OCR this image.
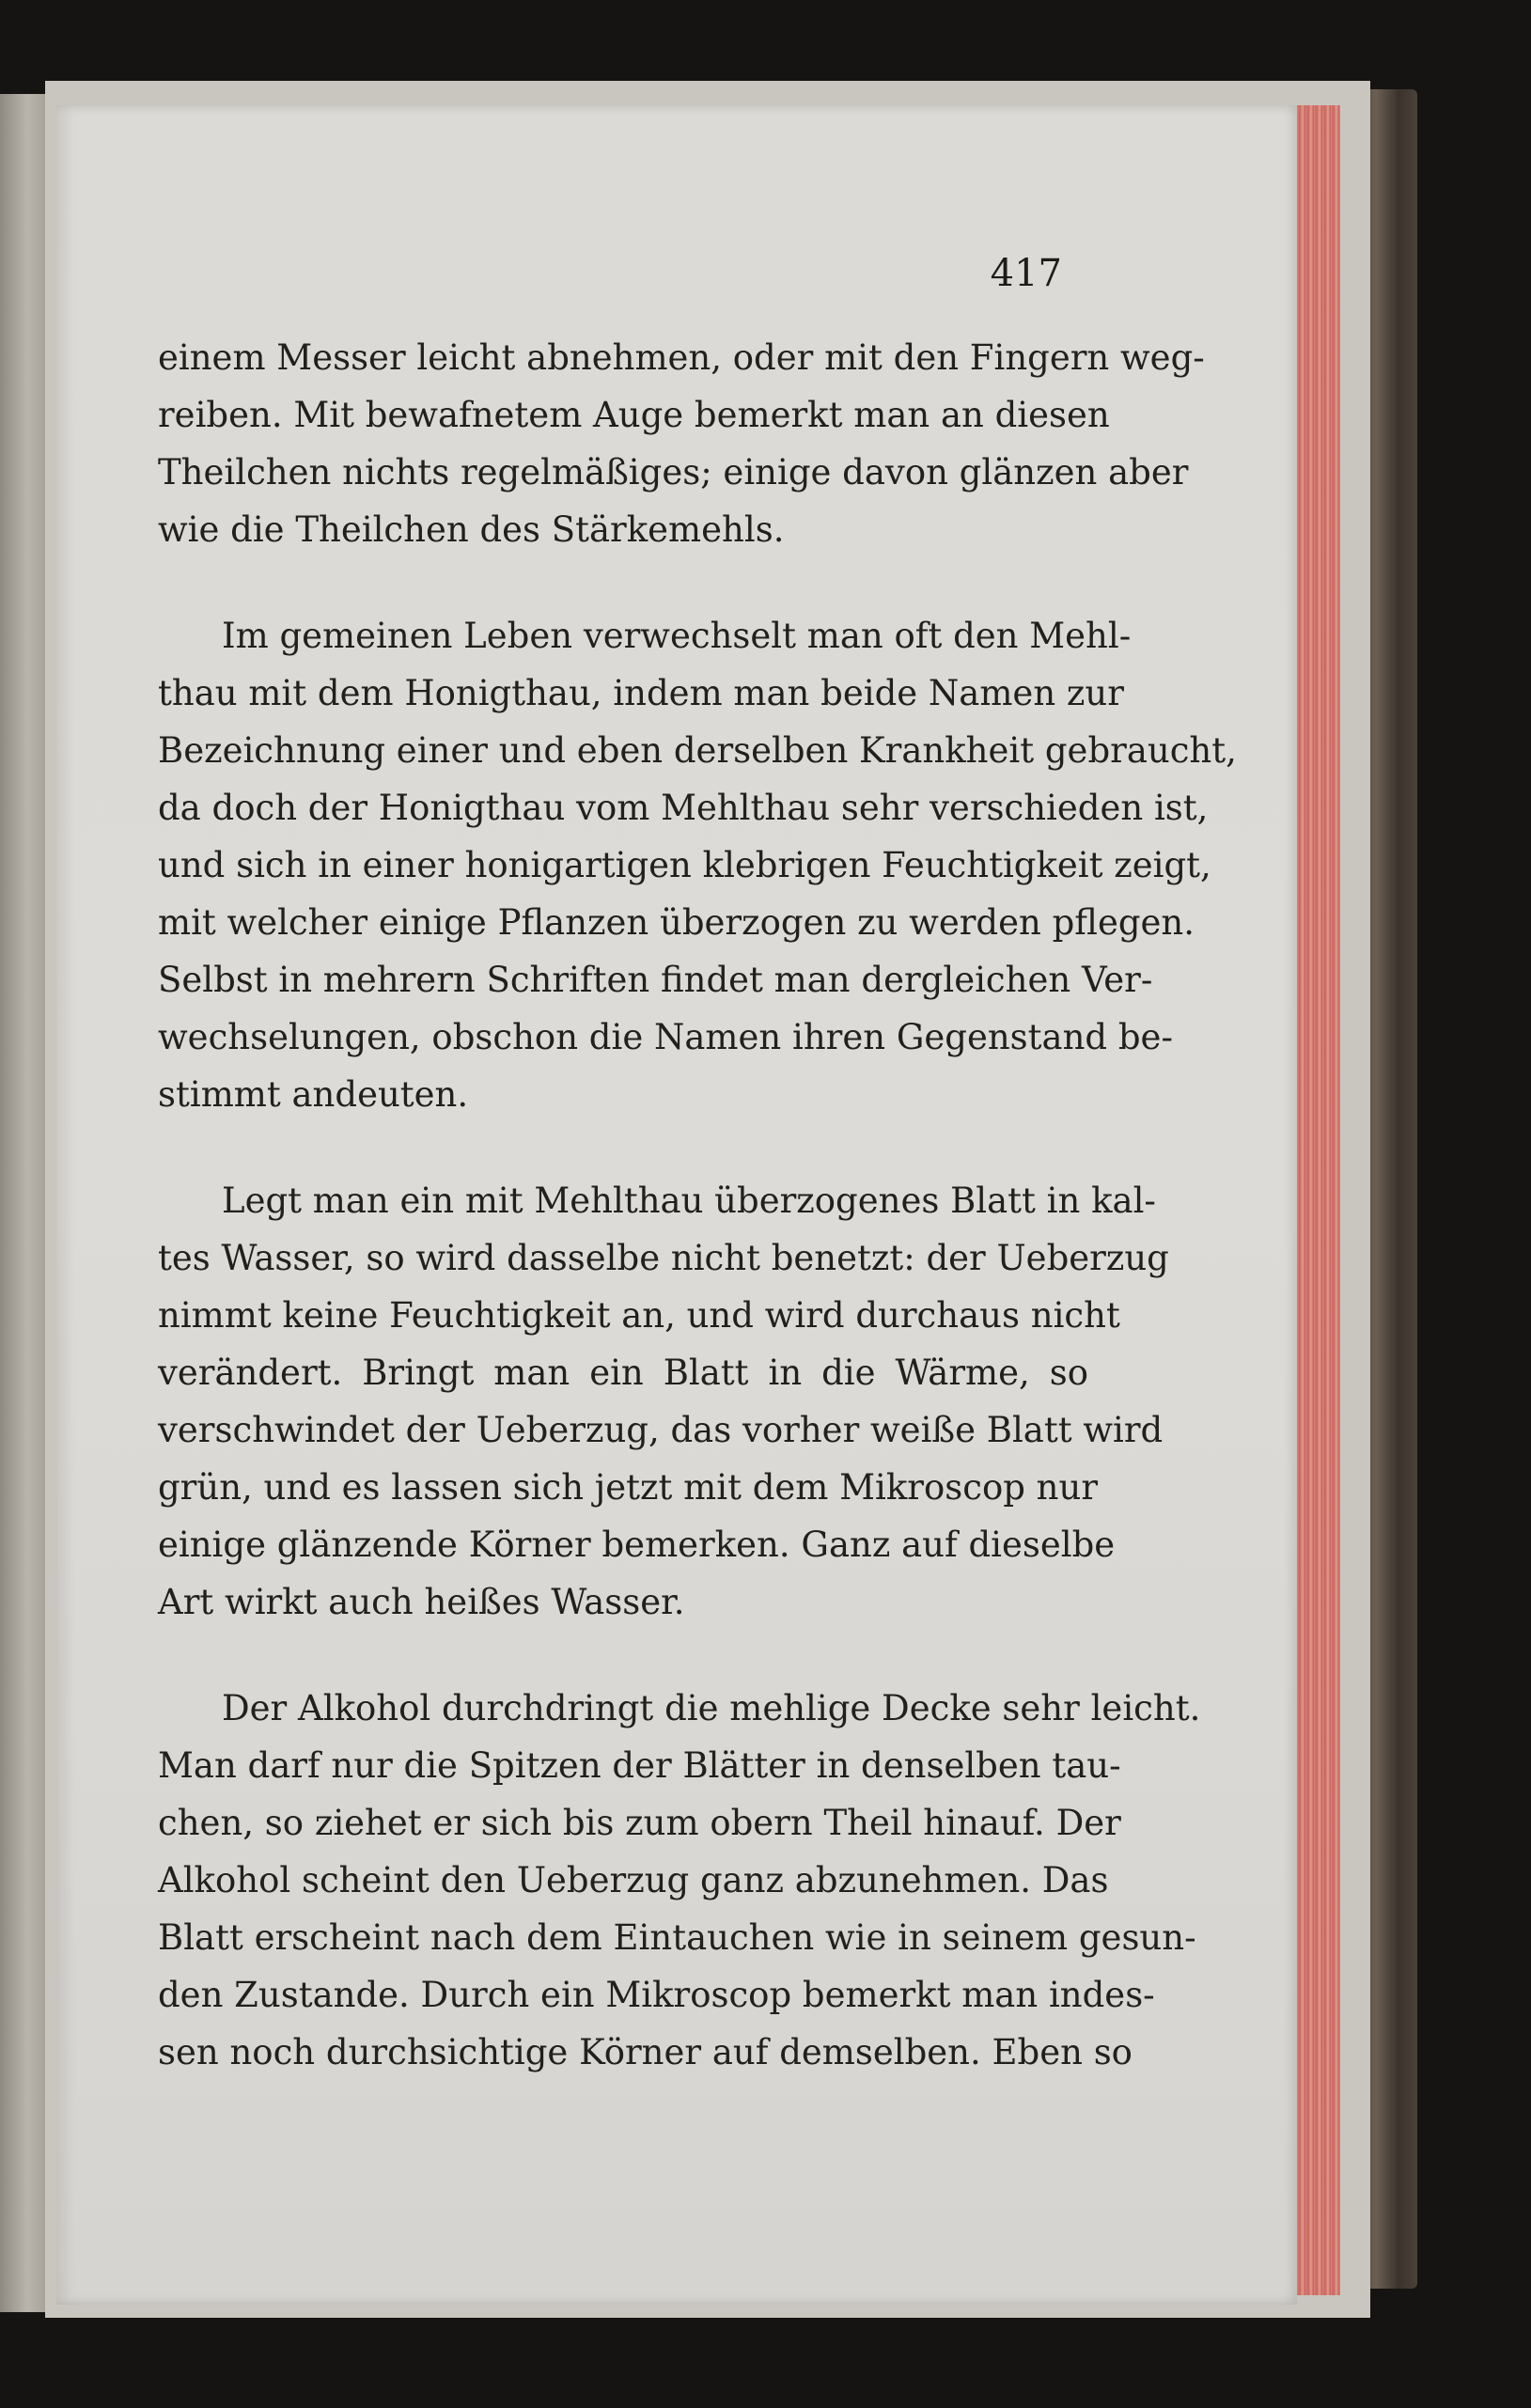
417
einem Messer leicht abnehmen, oder mit den Fingern weg-
reiben. Mit bewafnetem Auge bemerkt man an diesen
Theilchen nichts regelmäßiges; einige davon glänzen aber
wie die Theilchen des Stärkemehls.
Im gemeinen Leben verwechselt man oft den Mehl-
thau mit dem Honigthau, indem man beide Namen zur
Bezeichnung einer und eben derselben Krankheit gebraucht,
da doch der Honigthau vom Mehlthau sehr verschieden ist,
und sich in einer honigartigen klebrigen Feuchtigkeit zeigt,
mit welcher einige Pflanzen überzogen zu werden pflegen.
Selbst in mehrern Schriften findet man dergleichen Ver-
wechselungen, obschon die Namen ihren Gegenstand be-
stimmt andeuten.
Legt man ein mit Mehlthau überzogenes Blatt in kal-
tes Wasser, so wird dasselbe nicht benetzt: der Ueberzug
nimmt keine Feuchtigkeit an, und wird durchaus nicht
verändert. Bringt man ein Blatt in die Wärme, so
verschwindet der Ueberzug, das vorher weiße Blatt wird
grün, und es lassen sich jetzt mit dem Mikroscop nur
einige glänzende Körner bemerken. Ganz auf dieselbe
Art wirkt auch heißes Wasser.
Der Alkohol durchdringt die mehlige Decke sehr leicht.
Man darf nur die Spitzen der Blätter in denselben tau-
chen, so ziehet er sich bis zum obern Theil hinauf. Der
Alkohol scheint den Ueberzug ganz abzunehmen. Das
Blatt erscheint nach dem Eintauchen wie in seinem gesun-
den Zustande. Durch ein Mikroscop bemerkt man indes-
sen noch durchsichtige Körner auf demselben. Eben so
